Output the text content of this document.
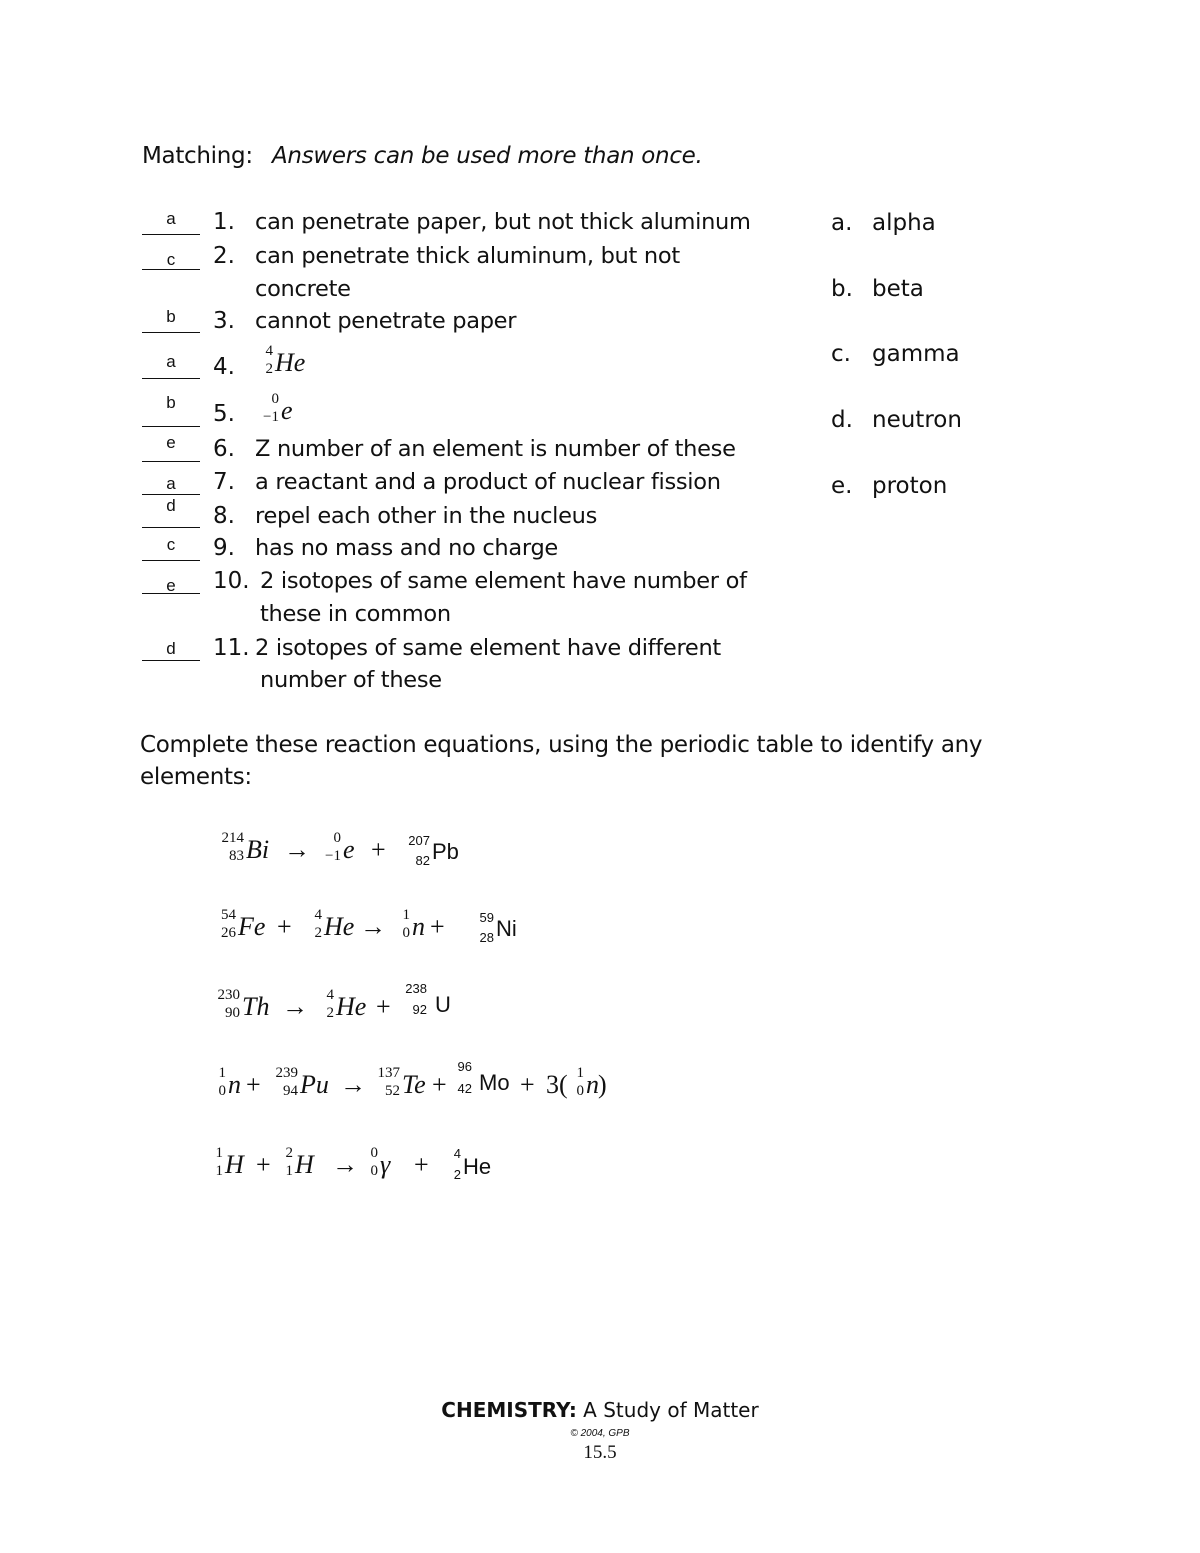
Matching: Answers can be used more than once.
a	1. can penetrate paper, but not thick aluminum
c	2. can penetrate thick aluminum, but not
concrete
b	3. cannot penetrate paper
a	4.
4
2 He
b	5.
0
−1 e
e	6. Z number of an element is number of these
a	7. a reactant and a product of nuclear fission
d	8. repel each other in the nucleus
c	9. has no mass and no charge
e	10. 2 isotopes of same element have number of
these in common
d	11. 2 isotopes of same element have different
number of these
a. alpha
b. beta
c. gamma
d. neutron
e. proton
Complete these reaction equations, using the periodic table to identify any
elements:
214
83 Bi → 0
−1 e + 207
82 Pb
54
26 Fe + 4
2 He → 1
0 n +	59
28 Ni
230
90 Th → 4
2 He +
238
92 U
1
0 n + 239
94 Pu → 137
52 Te +
96
42 Mo + 3( 1
0 n )
1
1 H + 2
1 H → 0
0 γ + 4
2 He
CHEMISTRY: A Study of Matter
© 2004, GPB
15.5
